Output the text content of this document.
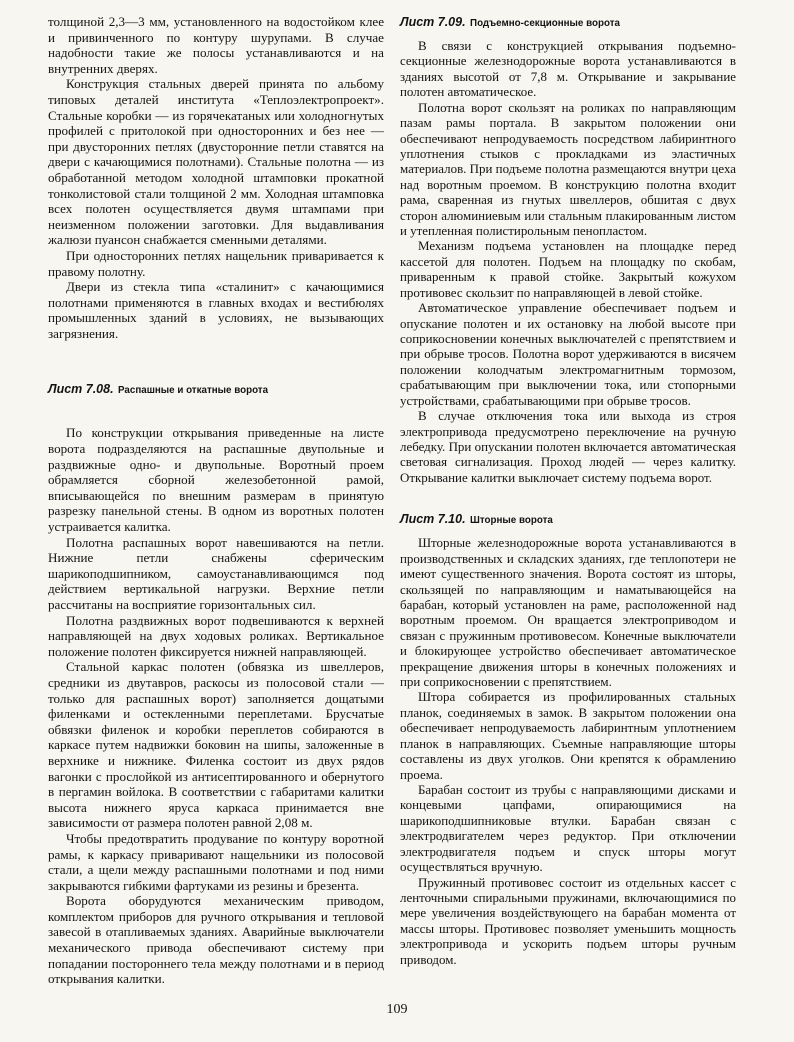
толщиной 2,3—3 мм, установленного на водостойком клее и привинченного по контуру шурупами. В случае надобности такие же полосы устанавливаются и на внутренних дверях.

Конструкция стальных дверей принята по альбому типовых деталей института «Теплоэлектропроект». Стальные коробки — из горячекатаных или холодногнутых профилей с притолокой при односторонних и без нее — при двусторонних петлях (двусторонние петли ставятся на двери с качающимися полотнами). Стальные полотна — из обработанной методом холодной штамповки прокатной тонколистовой стали толщиной 2 мм. Холодная штамповка всех полотен осуществляется двумя штампами при неизменном положении заготовки. Для выдавливания жалюзи пуансон снабжается сменными деталями.

При односторонних петлях нащельник приваривается к правому полотну.

Двери из стекла типа «сталинит» с качающимися полотнами применяются в главных входах и вестибюлях промышленных зданий в условиях, не вызывающих загрязнения.

Лист 7.08. Распашные и откатные ворота

По конструкции открывания приведенные на листе ворота подразделяются на распашные двупольные и раздвижные одно- и двупольные. Воротный проем обрамляется сборной железобетонной рамой, вписывающейся по внешним размерам в принятую разрезку панельной стены. В одном из воротных полотен устраивается калитка.

Полотна распашных ворот навешиваются на петли. Нижние петли снабжены сферическим шарикоподшипником, самоустанавливающимся под действием вертикальной нагрузки. Верхние петли рассчитаны на восприятие горизонтальных сил.

Полотна раздвижных ворот подвешиваются к верхней направляющей на двух ходовых роликах. Вертикальное положение полотен фиксируется нижней направляющей.

Стальной каркас полотен (обвязка из швеллеров, средники из двутавров, раскосы из полосовой стали — только для распашных ворот) заполняется дощатыми филенками и остекленными переплетами. Брусчатые обвязки филенок и коробки переплетов собираются в каркасе путем надвижки боковин на шипы, заложенные в верхнике и нижнике. Филенка состоит из двух рядов вагонки с прослойкой из антисептированного и обернутого в пергамин войлока. В соответствии с габаритами калитки высота нижнего яруса каркаса принимается вне зависимости от размера полотен равной 2,08 м.

Чтобы предотвратить продувание по контуру воротной рамы, к каркасу приваривают нащельники из полосовой стали, а щели между распашными полотнами и под ними закрываются гибкими фартуками из резины и брезента.

Ворота оборудуются механическим приводом, комплектом приборов для ручного открывания и тепловой завесой в отапливаемых зданиях. Аварийные выключатели механического привода обеспечивают систему при попадании постороннего тела между полотнами и в период открывания калитки.

Лист 7.09. Подъемно-секционные ворота

В связи с конструкцией открывания подъемно-секционные железнодорожные ворота устанавливаются в зданиях высотой от 7,8 м. Открывание и закрывание полотен автоматическое.

Полотна ворот скользят на роликах по направляющим пазам рамы портала. В закрытом положении они обеспечивают непродуваемость посредством лабиринтного уплотнения стыков с прокладками из эластичных материалов. При подъеме полотна размещаются внутри цеха над воротным проемом. В конструкцию полотна входит рама, сваренная из гнутых швеллеров, обшитая с двух сторон алюминиевым или стальным плакированным листом и утепленная полистирольным пенопластом.

Механизм подъема установлен на площадке перед кассетой для полотен. Подъем на площадку по скобам, приваренным к правой стойке. Закрытый кожухом противовес скользит по направляющей в левой стойке.

Автоматическое управление обеспечивает подъем и опускание полотен и их остановку на любой высоте при соприкосновении конечных выключателей с препятствием и при обрыве тросов. Полотна ворот удерживаются в висячем положении колодчатым электромагнитным тормозом, срабатывающим при выключении тока, или стопорными устройствами, срабатывающими при обрыве тросов.

В случае отключения тока или выхода из строя электропривода предусмотрено переключение на ручную лебедку. При опускании полотен включается автоматическая световая сигнализация. Проход людей — через калитку. Открывание калитки выключает систему подъема ворот.

Лист 7.10. Шторные ворота

Шторные железнодорожные ворота устанавливаются в производственных и складских зданиях, где теплопотери не имеют существенного значения. Ворота состоят из шторы, скользящей по направляющим и наматывающейся на барабан, который установлен на раме, расположенной над воротным проемом. Он вращается электроприводом и связан с пружинным противовесом. Конечные выключатели и блокирующее устройство обеспечивает автоматическое прекращение движения шторы в конечных положениях и при соприкосновении с препятствием.

Штора собирается из профилированных стальных планок, соединяемых в замок. В закрытом положении она обеспечивает непродуваемость лабиринтным уплотнением планок в направляющих. Съемные направляющие шторы составлены из двух уголков. Они крепятся к обрамлению проема.

Барабан состоит из трубы с направляющими дисками и концевыми цапфами, опирающимися на шарикоподшипниковые втулки. Барабан связан с электродвигателем через редуктор. При отключении электродвигателя подъем и спуск шторы могут осуществляться вручную.

Пружинный противовес состоит из отдельных кассет с ленточными спиральными пружинами, включающимися по мере увеличения воздействующего на барабан момента от массы шторы. Противовес позволяет уменьшить мощность электропривода и ускорить подъем шторы ручным приводом.

109
